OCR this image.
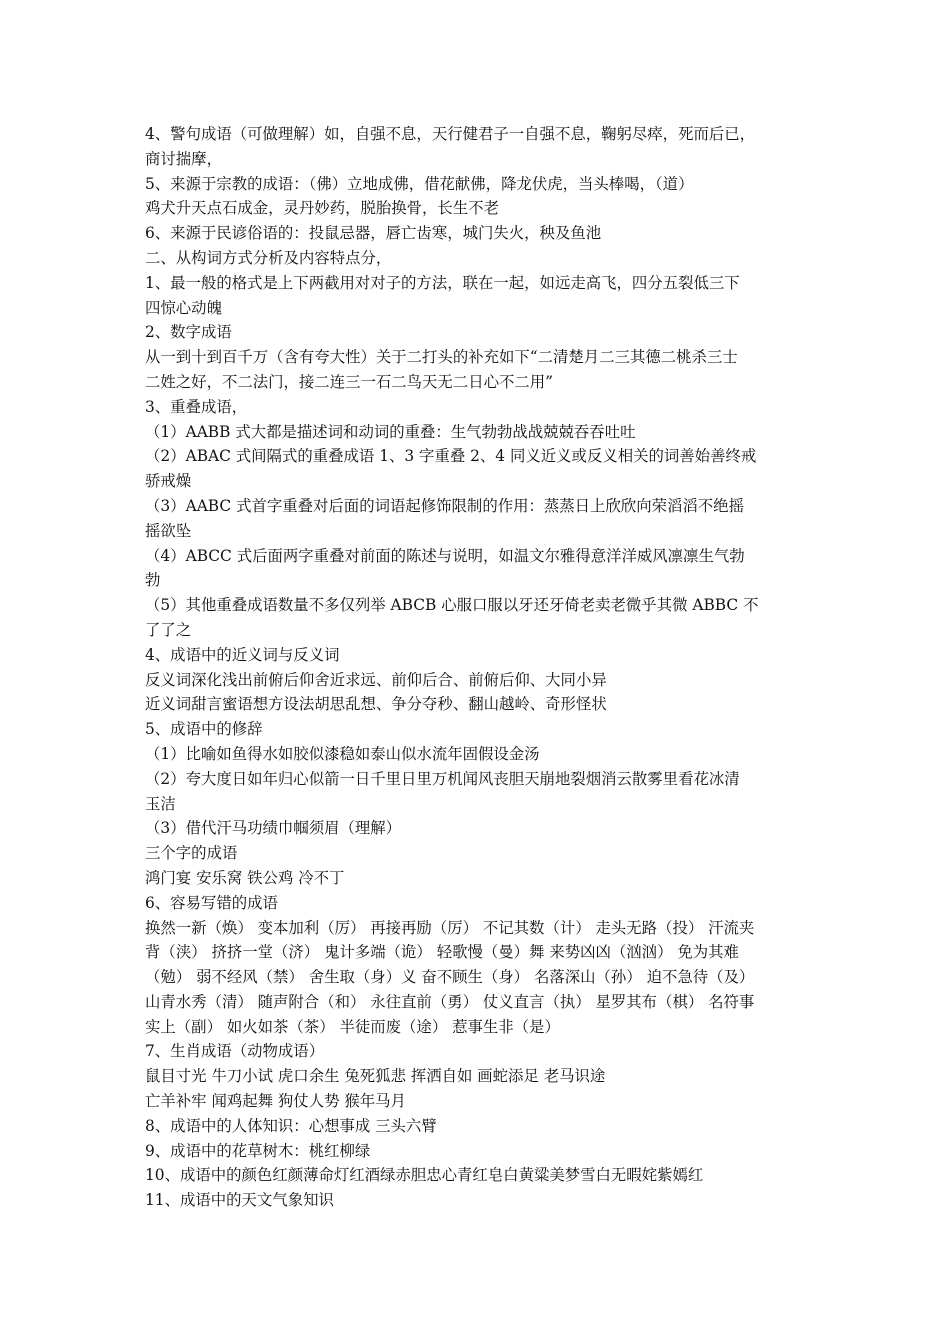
4、警句成语（可做理解）如，自强不息，天行健君子一自强不息，鞠躬尽瘁，死而后已，
商讨揣摩，
5、来源于宗教的成语：（佛）立地成佛，借花献佛，降龙伏虎，当头棒喝，（道）
鸡犬升天点石成金，灵丹妙药，脱胎换骨，长生不老
6、来源于民谚俗语的：投鼠忌器，唇亡齿寒，城门失火，秧及鱼池
二、从构词方式分析及内容特点分，
1、最一般的格式是上下两截用对对子的方法，联在一起，如远走高飞，四分五裂低三下
四惊心动魄
2、数字成语
从一到十到百千万（含有夸大性）关于二打头的补充如下“二清楚月二三其德二桃杀三士
二姓之好，不二法门，接二连三一石二鸟天无二日心不二用”
3、重叠成语，
（1）AABB 式大都是描述词和动词的重叠：生气勃勃战战兢兢吞吞吐吐
（2）ABAC 式间隔式的重叠成语 1、3 字重叠 2、4 同义近义或反义相关的词善始善终戒
骄戒燥
（3）AABC 式首字重叠对后面的词语起修饰限制的作用：蒸蒸日上欣欣向荣滔滔不绝摇
摇欲坠
（4）ABCC 式后面两字重叠对前面的陈述与说明，如温文尔雅得意洋洋威风凛凛生气勃
勃
（5）其他重叠成语数量不多仅列举 ABCB 心服口服以牙还牙倚老卖老微乎其微 ABBC 不
了了之
4、成语中的近义词与反义词
反义词深化浅出前俯后仰舍近求远、前仰后合、前俯后仰、大同小异
近义词甜言蜜语想方设法胡思乱想、争分夺秒、翻山越岭、奇形怪状
5、成语中的修辞
（1）比喻如鱼得水如胶似漆稳如泰山似水流年固假设金汤
（2）夸大度日如年归心似箭一日千里日里万机闻风丧胆天崩地裂烟消云散雾里看花冰清
玉洁
（3）借代汗马功绩巾帼须眉（理解）
三个字的成语
鸿门宴 安乐窝 铁公鸡 冷不丁
6、容易写错的成语
换然一新（焕） 变本加利（厉） 再接再励（厉） 不记其数（计） 走头无路（投） 汗流夹
背（浃） 挤挤一堂（济） 鬼计多端（诡） 轻歌慢（曼）舞 来势凶凶（汹汹） 免为其难
（勉） 弱不经风（禁） 舍生取（身）义 奋不顾生（身） 名落深山（孙） 迫不急待（及）
山青水秀（清） 随声附合（和） 永往直前（勇） 仗义直言（执） 星罗其布（棋） 名符事
实上（副） 如火如茶（茶） 半徒而废（途） 惹事生非（是）
7、生肖成语（动物成语）
鼠目寸光 牛刀小试 虎口余生 兔死狐悲 挥洒自如 画蛇添足 老马识途
亡羊补牢 闻鸡起舞 狗仗人势 猴年马月
8、成语中的人体知识：心想事成 三头六臂
9、成语中的花草树木：桃红柳绿
10、成语中的颜色红颜薄命灯红酒绿赤胆忠心青红皂白黄粱美梦雪白无暇姹紫嫣红
11、成语中的天文气象知识
